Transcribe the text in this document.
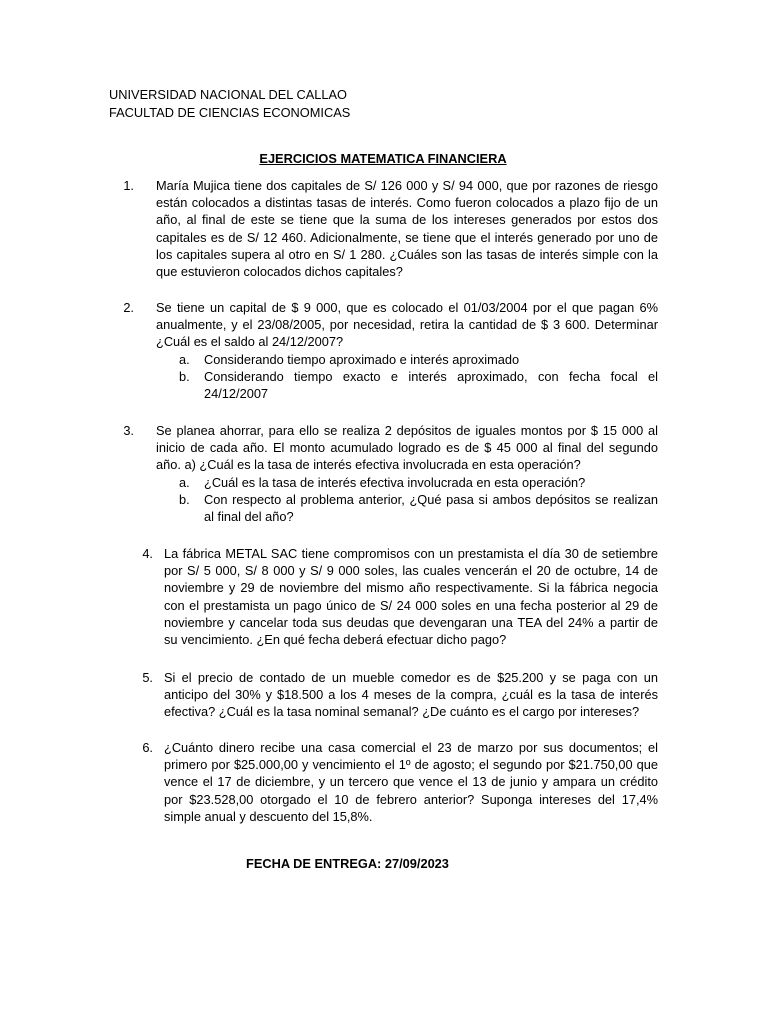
UNIVERSIDAD NACIONAL DEL CALLAO
FACULTAD DE CIENCIAS ECONOMICAS
EJERCICIOS MATEMATICA FINANCIERA
1. María Mujica tiene dos capitales de S/ 126 000 y S/ 94 000, que por razones de riesgo están colocados a distintas tasas de interés. Como fueron colocados a plazo fijo de un año, al final de este se tiene que la suma de los intereses generados por estos dos capitales es de S/ 12 460. Adicionalmente, se tiene que el interés generado por uno de los capitales supera al otro en S/ 1 280. ¿Cuáles son las tasas de interés simple con la que estuvieron colocados dichos capitales?
2. Se tiene un capital de $ 9 000, que es colocado el 01/03/2004 por el que pagan 6% anualmente, y el 23/08/2005, por necesidad, retira la cantidad de $ 3 600. Determinar ¿Cuál es el saldo al 24/12/2007?
a. Considerando tiempo aproximado e interés aproximado
b. Considerando tiempo exacto e interés aproximado, con fecha focal el 24/12/2007
3. Se planea ahorrar, para ello se realiza 2 depósitos de iguales montos por $ 15 000 al inicio de cada año. El monto acumulado logrado es de $ 45 000 al final del segundo año. a) ¿Cuál es la tasa de interés efectiva involucrada en esta operación?
a. ¿Cuál es la tasa de interés efectiva involucrada en esta operación?
b. Con respecto al problema anterior, ¿Qué pasa si ambos depósitos se realizan al final del año?
4. La fábrica METAL SAC tiene compromisos con un prestamista el día 30 de setiembre por S/ 5 000, S/ 8 000 y S/ 9 000 soles, las cuales vencerán el 20 de octubre, 14 de noviembre y 29 de noviembre del mismo año respectivamente. Si la fábrica negocia con el prestamista un pago único de S/ 24 000 soles en una fecha posterior al 29 de noviembre y cancelar toda sus deudas que devengaran una TEA del 24% a partir de su vencimiento. ¿En qué fecha deberá efectuar dicho pago?
5. Si el precio de contado de un mueble comedor es de $25.200 y se paga con un anticipo del 30% y $18.500 a los 4 meses de la compra, ¿cuál es la tasa de interés efectiva? ¿Cuál es la tasa nominal semanal? ¿De cuánto es el cargo por intereses?
6. ¿Cuánto dinero recibe una casa comercial el 23 de marzo por sus documentos; el primero por $25.000,00 y vencimiento el 1º de agosto; el segundo por $21.750,00 que vence el 17 de diciembre, y un tercero que vence el 13 de junio y ampara un crédito por $23.528,00 otorgado el 10 de febrero anterior? Suponga intereses del 17,4% simple anual y descuento del 15,8%.
FECHA DE ENTREGA: 27/09/2023
